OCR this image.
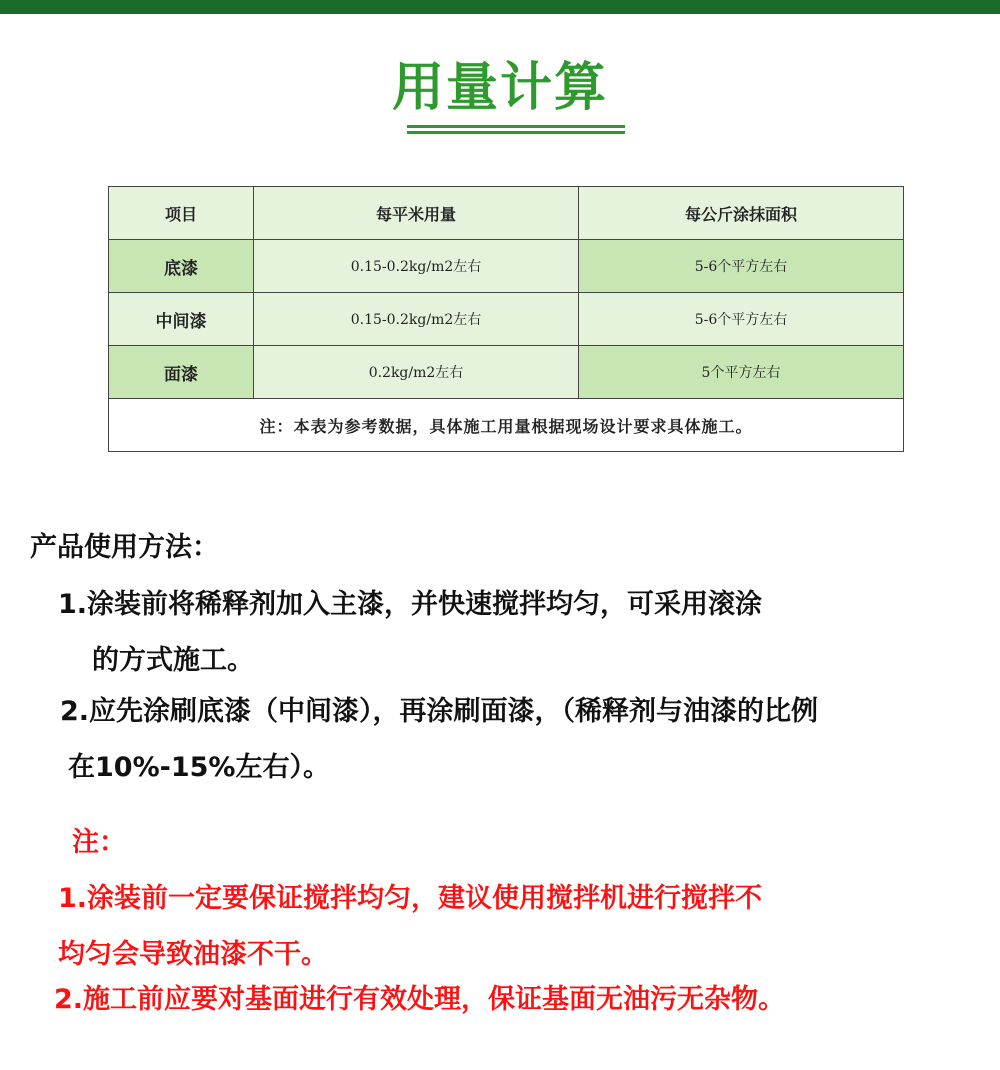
用量计算
项目	每平米用量	每公斤涂抹面积
底漆	0.15-0.2kg/m2左右	5-6个平方左右
中间漆	0.15-0.2kg/m2左右	5-6个平方左右
面漆	0.2kg/m2左右	5个平方左右
注：本表为参考数据，具体施工用量根据现场设计要求具体施工。		
产品使用方法：
1.涂装前将稀释剂加入主漆，并快速搅拌均匀，可采用滚涂
的方式施工。
2.应先涂刷底漆（中间漆），再涂刷面漆，（稀释剂与油漆的比例
在10%-15%左右）。
注：
1.涂装前一定要保证搅拌均匀，建议使用搅拌机进行搅拌不
均匀会导致油漆不干。
2.施工前应要对基面进行有效处理，保证基面无油污无杂物。
